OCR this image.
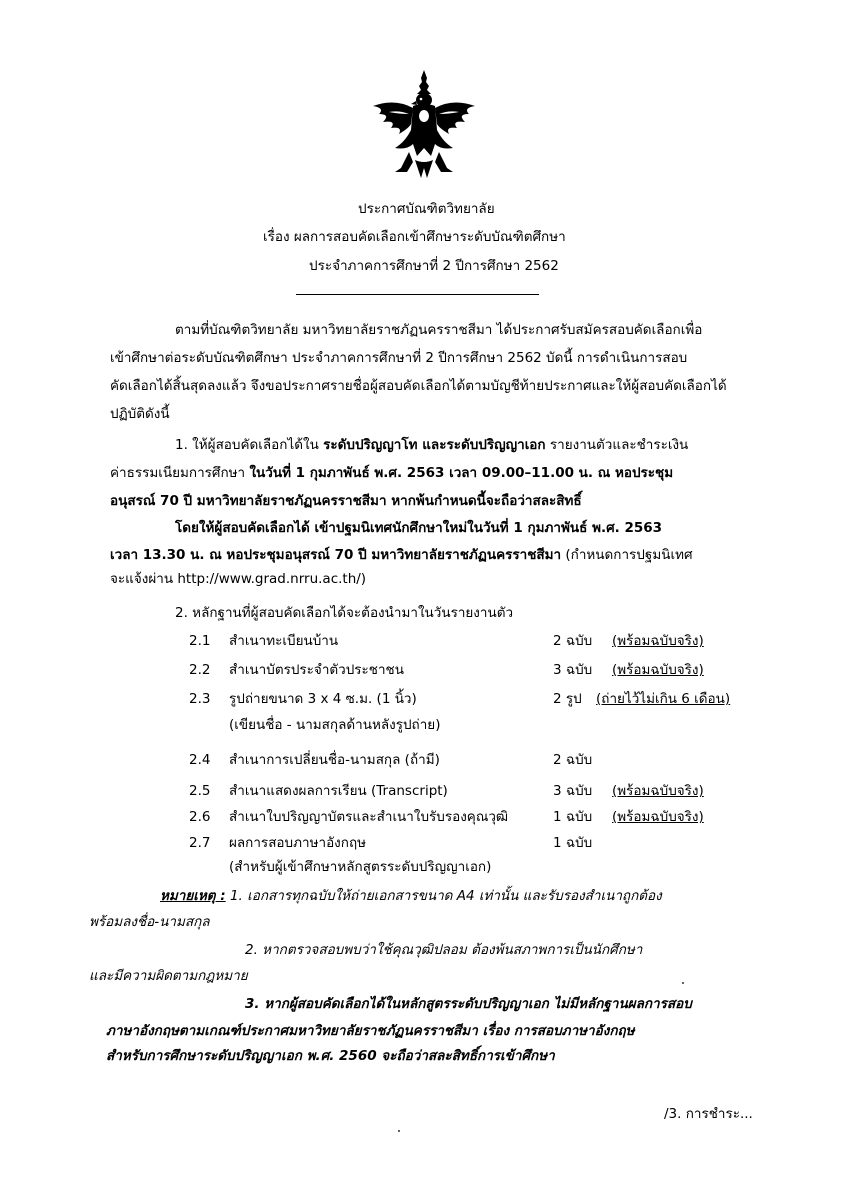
ประกาศบัณฑิตวิทยาลัย
เรื่อง ผลการสอบคัดเลือกเข้าศึกษาระดับบัณฑิตศึกษา
ประจำภาคการศึกษาที่ 2 ปีการศึกษา 2562
ตามที่บัณฑิตวิทยาลัย มหาวิทยาลัยราชภัฏนครราชสีมา ได้ประกาศรับสมัครสอบคัดเลือกเพื่อ
เข้าศึกษาต่อระดับบัณฑิตศึกษา ประจำภาคการศึกษาที่ 2 ปีการศึกษา 2562 บัดนี้ การดำเนินการสอบ
คัดเลือกได้สิ้นสุดลงแล้ว จึงขอประกาศรายชื่อผู้สอบคัดเลือกได้ตามบัญชีท้ายประกาศและให้ผู้สอบคัดเลือกได้
ปฏิบัติดังนี้
1. ให้ผู้สอบคัดเลือกได้ใน ระดับปริญญาโท และระดับปริญญาเอก รายงานตัวและชำระเงิน
ค่าธรรมเนียมการศึกษา ในวันที่ 1 กุมภาพันธ์ พ.ศ. 2563 เวลา 09.00–11.00 น. ณ หอประชุม
อนุสรณ์ 70 ปี มหาวิทยาลัยราชภัฏนครราชสีมา หากพ้นกำหนดนี้จะถือว่าสละสิทธิ์
โดยให้ผู้สอบคัดเลือกได้ เข้าปฐมนิเทศนักศึกษาใหม่ในวันที่ 1 กุมภาพันธ์ พ.ศ. 2563
เวลา 13.30 น. ณ หอประชุมอนุสรณ์ 70 ปี มหาวิทยาลัยราชภัฏนครราชสีมา (กำหนดการปฐมนิเทศ
จะแจ้งผ่าน http://www.grad.nrru.ac.th/)
2. หลักฐานที่ผู้สอบคัดเลือกได้จะต้องนำมาในวันรายงานตัว
2.1 สำเนาทะเบียนบ้าน	2 ฉบับ (พร้อมฉบับจริง)
2.2 สำเนาบัตรประจำตัวประชาชน	3 ฉบับ (พร้อมฉบับจริง)
2.3 รูปถ่ายขนาด 3 x 4 ซ.ม. (1 นิ้ว)	2 รูป (ถ่ายไว้ไม่เกิน 6 เดือน)
(เขียนชื่อ - นามสกุลด้านหลังรูปถ่าย)
2.4 สำเนาการเปลี่ยนชื่อ-นามสกุล (ถ้ามี)	2 ฉบับ
2.5 สำเนาแสดงผลการเรียน (Transcript)	3 ฉบับ (พร้อมฉบับจริง)
2.6 สำเนาใบปริญญาบัตรและสำเนาใบรับรองคุณวุฒิ	1 ฉบับ (พร้อมฉบับจริง)
2.7 ผลการสอบภาษาอังกฤษ	1 ฉบับ
(สำหรับผู้เข้าศึกษาหลักสูตรระดับปริญญาเอก)
หมายเหตุ : 1. เอกสารทุกฉบับให้ถ่ายเอกสารขนาด A4 เท่านั้น และรับรองสำเนาถูกต้อง
พร้อมลงชื่อ-นามสกุล
2. หากตรวจสอบพบว่าใช้คุณวุฒิปลอม ต้องพ้นสภาพการเป็นนักศึกษา
และมีความผิดตามกฎหมาย
3. หากผู้สอบคัดเลือกได้ในหลักสูตรระดับปริญญาเอก ไม่มีหลักฐานผลการสอบ
ภาษาอังกฤษตามเกณฑ์ประกาศมหาวิทยาลัยราชภัฏนครราชสีมา เรื่อง การสอบภาษาอังกฤษ
สำหรับการศึกษาระดับปริญญาเอก พ.ศ. 2560 จะถือว่าสละสิทธิ์การเข้าศึกษา
/3. การชำระ...
